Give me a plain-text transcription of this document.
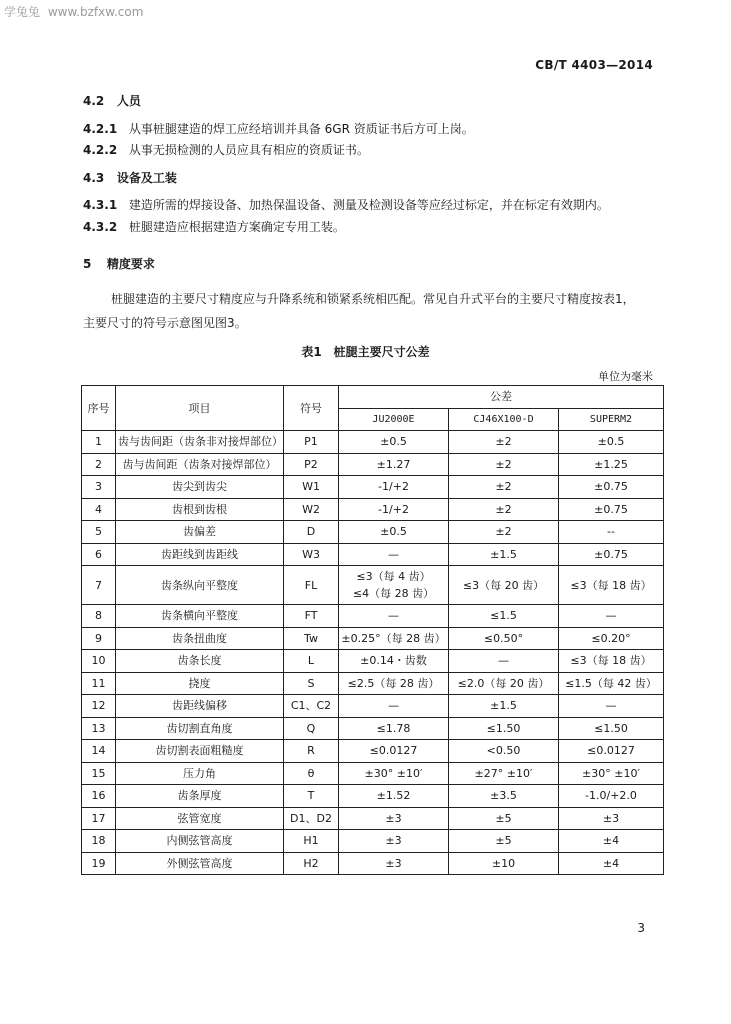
学兔兔 www.bzfxw.com
CB/T 4403—2014
4.2 人员
4.2.1 从事桩腿建造的焊工应经培训并具备 6GR 资质证书后方可上岗。
4.2.2 从事无损检测的人员应具有相应的资质证书。
4.3 设备及工装
4.3.1 建造所需的焊接设备、加热保温设备、测量及检测设备等应经过标定，并在标定有效期内。
4.3.2 桩腿建造应根据建造方案确定专用工装。
5 精度要求
桩腿建造的主要尺寸精度应与升降系统和锁紧系统相匹配。常见自升式平台的主要尺寸精度按表1，
主要尺寸的符号示意图见图3。
表1　桩腿主要尺寸公差
单位为毫米
序号	项目	符号	公差		
			JU2000E	CJ46X100-D	SUPERM2
1	齿与齿间距（齿条非对接焊部位）	P1	±0.5	±2	±0.5
2	齿与齿间距（齿条对接焊部位）	P2	±1.27	±2	±1.25
3	齿尖到齿尖	W1	-1/+2	±2	±0.75
4	齿根到齿根	W2	-1/+2	±2	±0.75
5	齿偏差	D	±0.5	±2	--
6	齿距线到齿距线	W3	—	±1.5	±0.75
7	齿条纵向平整度	FL	≤3（每 4 齿）
≤4（每 28 齿）	≤3（每 20 齿）	≤3（每 18 齿）
8	齿条横向平整度	FT	—	≤1.5	—
9	齿条扭曲度	Tw	±0.25°（每 28 齿）	≤0.50°	≤0.20°
10	齿条长度	L	±0.14・齿数	—	≤3（每 18 齿）
11	挠度	S	≤2.5（每 28 齿）	≤2.0（每 20 齿）	≤1.5（每 42 齿）
12	齿距线偏移	C1、C2	—	±1.5	—
13	齿切割直角度	Q	≤1.78	≤1.50	≤1.50
14	齿切割表面粗糙度	R	≤0.0127	<0.50	≤0.0127
15	压力角	θ	±30° ±10′	±27° ±10′	±30° ±10′
16	齿条厚度	T	±1.52	±3.5	-1.0/+2.0
17	弦管宽度	D1、D2	±3	±5	±3
18	内侧弦管高度	H1	±3	±5	±4
19	外侧弦管高度	H2	±3	±10	±4
3
